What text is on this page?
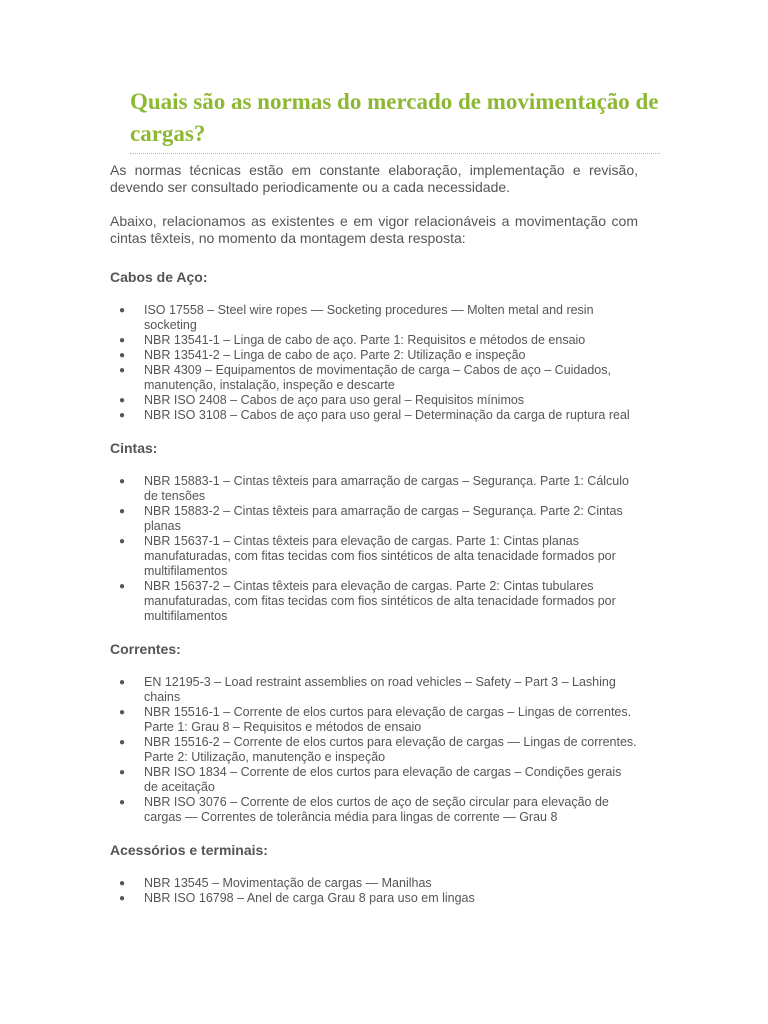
Quais são as normas do mercado de movimentação de cargas?

As normas técnicas estão em constante elaboração, implementação e revisão, devendo ser consultado periodicamente ou a cada necessidade.

Abaixo, relacionamos as existentes e em vigor relacionáveis a movimentação com cintas têxteis, no momento da montagem desta resposta:

Cabos de Aço:
● ISO 17558 – Steel wire ropes — Socketing procedures — Molten metal and resin socketing
● NBR 13541-1 – Linga de cabo de aço. Parte 1: Requisitos e métodos de ensaio
● NBR 13541-2 – Linga de cabo de aço. Parte 2: Utilização e inspeção
● NBR 4309 – Equipamentos de movimentação de carga – Cabos de aço – Cuidados, manutenção, instalação, inspeção e descarte
● NBR ISO 2408 – Cabos de aço para uso geral – Requisitos mínimos
● NBR ISO 3108 – Cabos de aço para uso geral – Determinação da carga de ruptura real
Cintas:
● NBR 15883-1 – Cintas têxteis para amarração de cargas – Segurança. Parte 1: Cálculo de tensões
● NBR 15883-2 – Cintas têxteis para amarração de cargas – Segurança. Parte 2: Cintas planas
● NBR 15637-1 – Cintas têxteis para elevação de cargas. Parte 1: Cintas planas manufaturadas, com fitas tecidas com fios sintéticos de alta tenacidade formados por multifilamentos
● NBR 15637-2 – Cintas têxteis para elevação de cargas. Parte 2: Cintas tubulares manufaturadas, com fitas tecidas com fios sintéticos de alta tenacidade formados por multifilamentos
Correntes:
● EN 12195-3 – Load restraint assemblies on road vehicles – Safety – Part 3 – Lashing chains
● NBR 15516-1 – Corrente de elos curtos para elevação de cargas – Lingas de correntes. Parte 1: Grau 8 – Requisitos e métodos de ensaio
● NBR 15516-2 – Corrente de elos curtos para elevação de cargas — Lingas de correntes. Parte 2: Utilização, manutenção e inspeção
● NBR ISO 1834 – Corrente de elos curtos para elevação de cargas – Condições gerais de aceitação
● NBR ISO 3076 – Corrente de elos curtos de aço de seção circular para elevação de cargas — Correntes de tolerância média para lingas de corrente — Grau 8
Acessórios e terminais:
● NBR 13545 – Movimentação de cargas — Manilhas
● NBR ISO 16798 – Anel de carga Grau 8 para uso em lingas
